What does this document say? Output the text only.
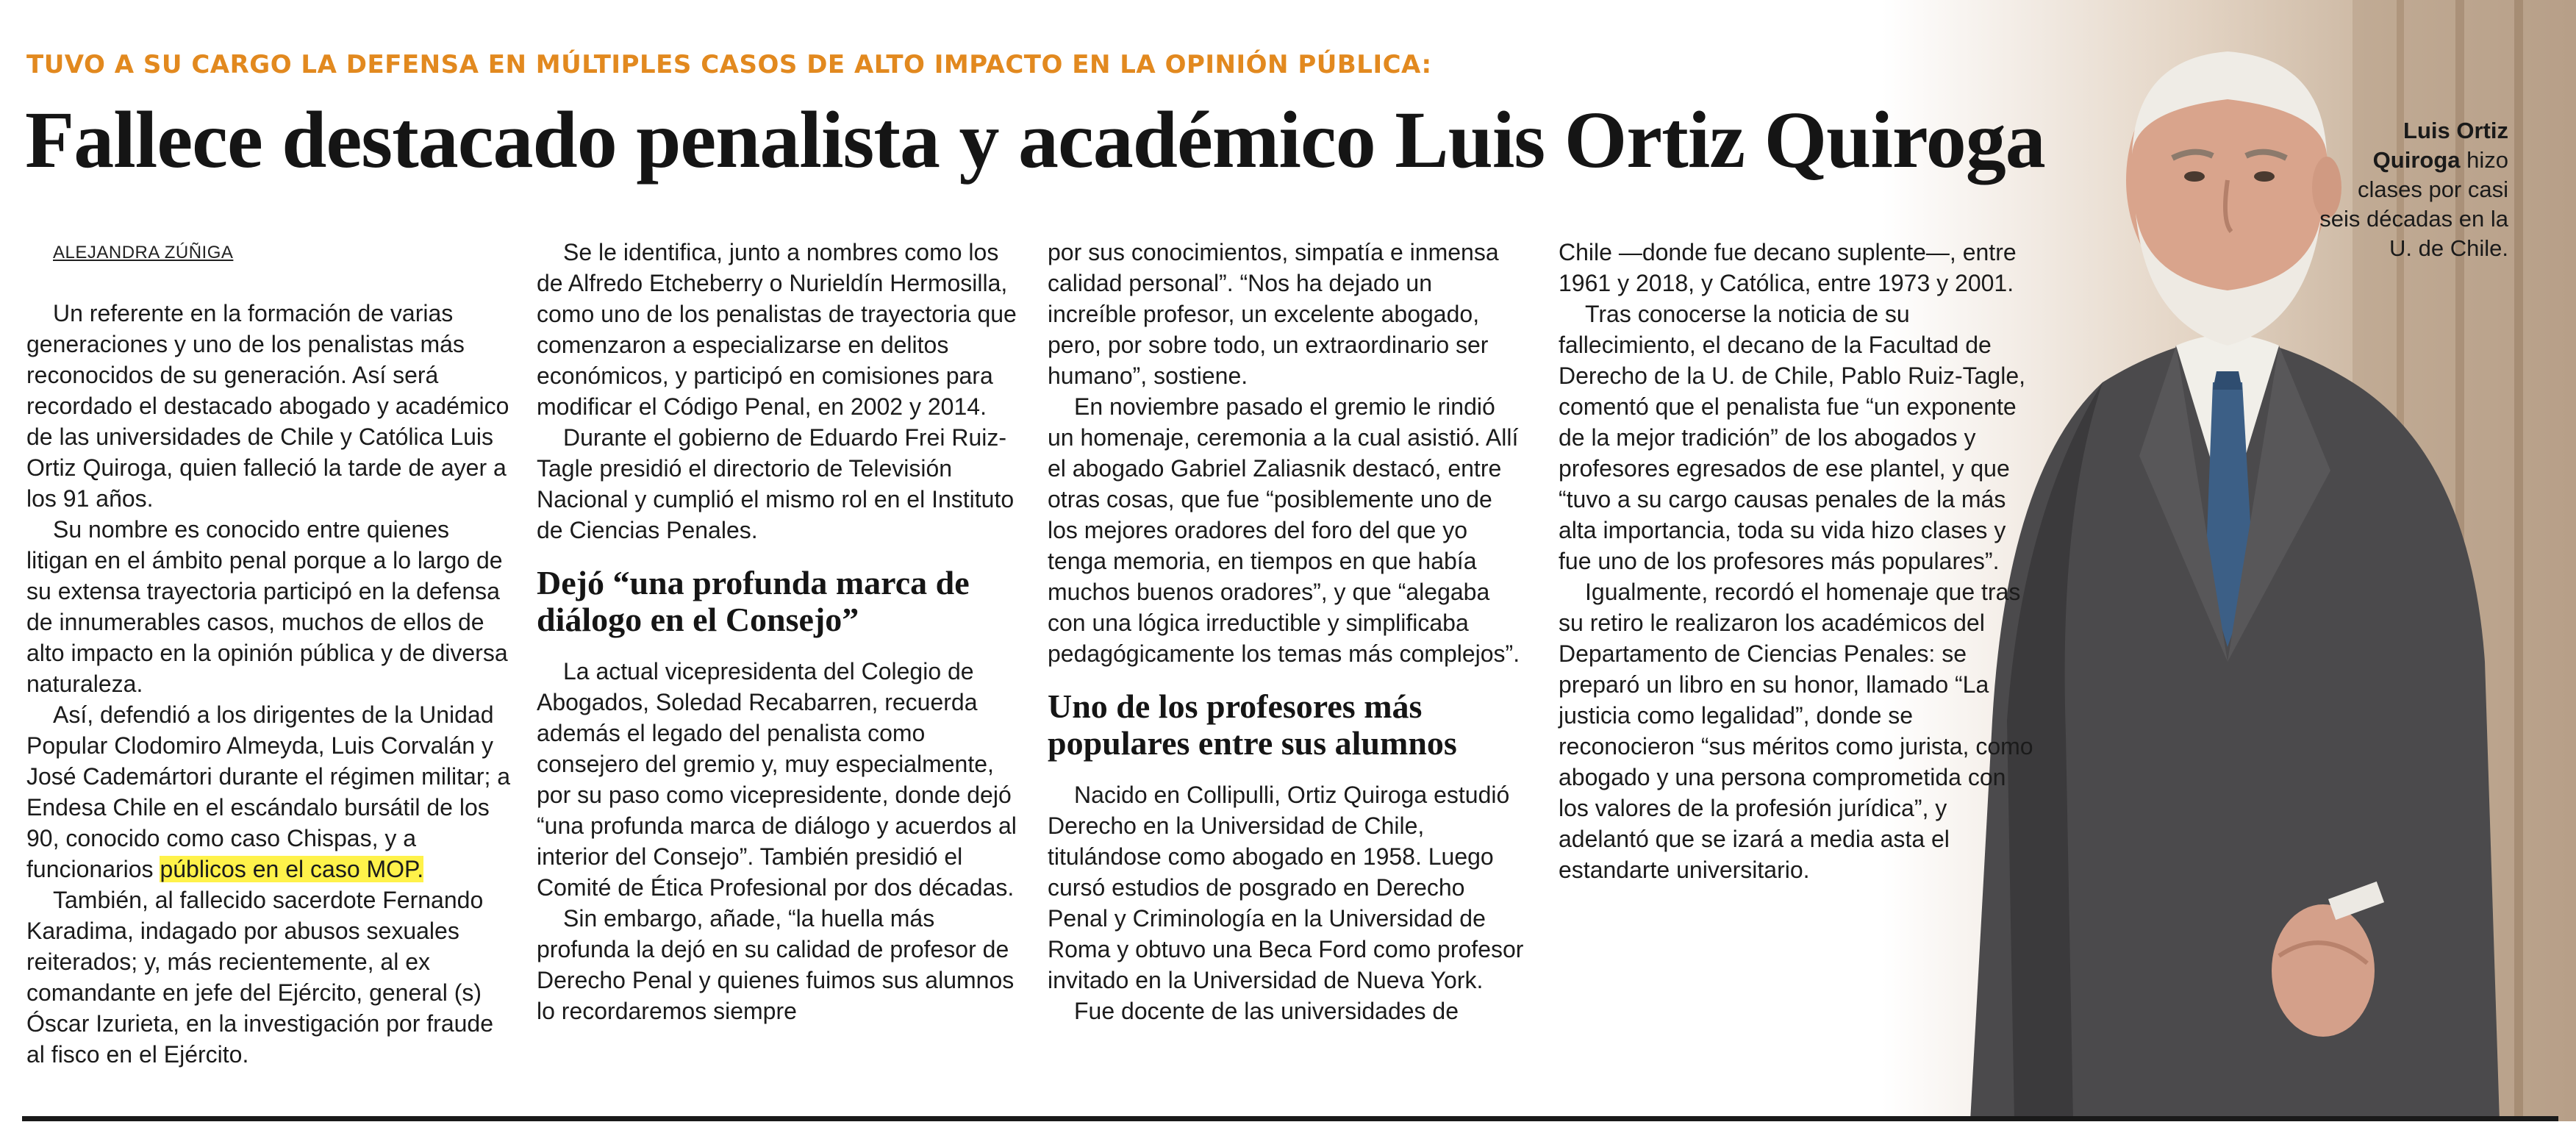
Luis Ortiz Quiroga hizo clases por casi seis décadas en la U. de Chile.
TUVO A SU CARGO LA DEFENSA EN MÚLTIPLES CASOS DE ALTO IMPACTO EN LA OPINIÓN PÚBLICA:
Fallece destacado penalista y académico Luis Ortiz Quiroga
ALEJANDRA ZÚÑIGA

Un referente en la formación de varias generaciones y uno de los penalistas más reconocidos de su generación. Así será recordado el destacado abogado y académico de las universidades de Chile y Católica Luis Ortiz Quiroga, quien falleció la tarde de ayer a los 91 años.

Su nombre es conocido entre quienes litigan en el ámbito penal porque a lo largo de su extensa trayectoria participó en la defensa de innumerables casos, muchos de ellos de alto impacto en la opinión pública y de diversa naturaleza.

Así, defendió a los dirigentes de la Unidad Popular Clodomiro Almeyda, Luis Corvalán y José Cademártori durante el régimen militar; a Endesa Chile en el escándalo bursátil de los 90, conocido como caso Chispas, y a funcionarios públicos en el caso MOP.

También, al fallecido sacerdote Fernando Karadima, indagado por abusos sexuales reiterados; y, más recientemente, al ex comandante en jefe del Ejército, general (s) Óscar Izurieta, en la investigación por fraude al fisco en el Ejército.

Se le identifica, junto a nombres como los de Alfredo Etcheberry o Nurieldín Hermosilla, como uno de los penalistas de trayectoria que comenzaron a especializarse en delitos económicos, y participó en comisiones para modificar el Código Penal, en 2002 y 2014.

Durante el gobierno de Eduardo Frei Ruiz-Tagle presidió el directorio de Televisión Nacional y cumplió el mismo rol en el Instituto de Ciencias Penales.

Dejó “una profunda marca de diálogo en el Consejo”

La actual vicepresidenta del Colegio de Abogados, Soledad Recabarren, recuerda además el legado del penalista como consejero del gremio y, muy especialmente, por su paso como vicepresidente, donde dejó “una profunda marca de diálogo y acuerdos al interior del Consejo”. También presidió el Comité de Ética Profesional por dos décadas.

Sin embargo, añade, “la huella más profunda la dejó en su calidad de profesor de Derecho Penal y quienes fuimos sus alumnos lo recordaremos siempre

por sus conocimientos, simpatía e inmensa calidad personal”. “Nos ha dejado un increíble profesor, un excelente abogado, pero, por sobre todo, un extraordinario ser humano”, sostiene.

En noviembre pasado el gremio le rindió un homenaje, ceremonia a la cual asistió. Allí el abogado Gabriel Zaliasnik destacó, entre otras cosas, que fue “posiblemente uno de los mejores oradores del foro del que yo tenga memoria, en tiempos en que había muchos buenos oradores”, y que “alegaba con una lógica irreductible y simplificaba pedagógicamente los temas más complejos”.

Uno de los profesores más populares entre sus alumnos

Nacido en Collipulli, Ortiz Quiroga estudió Derecho en la Universidad de Chile, titulándose como abogado en 1958. Luego cursó estudios de posgrado en Derecho Penal y Criminología en la Universidad de Roma y obtuvo una Beca Ford como profesor invitado en la Universidad de Nueva York.

Fue docente de las universidades de

Chile —donde fue decano suplente—, entre 1961 y 2018, y Católica, entre 1973 y 2001.

Tras conocerse la noticia de su fallecimiento, el decano de la Facultad de Derecho de la U. de Chile, Pablo Ruiz-Tagle, comentó que el penalista fue “un exponente de la mejor tradición” de los abogados y profesores egresados de ese plantel, y que “tuvo a su cargo causas penales de la más alta importancia, toda su vida hizo clases y fue uno de los profesores más populares”.

Igualmente, recordó el homenaje que tras su retiro le realizaron los académicos del Departamento de Ciencias Penales: se preparó un libro en su honor, llamado “La justicia como legalidad”, donde se reconocieron “sus méritos como jurista, como abogado y una persona comprometida con los valores de la profesión jurídica”, y adelantó que se izará a media asta el estandarte universitario.
